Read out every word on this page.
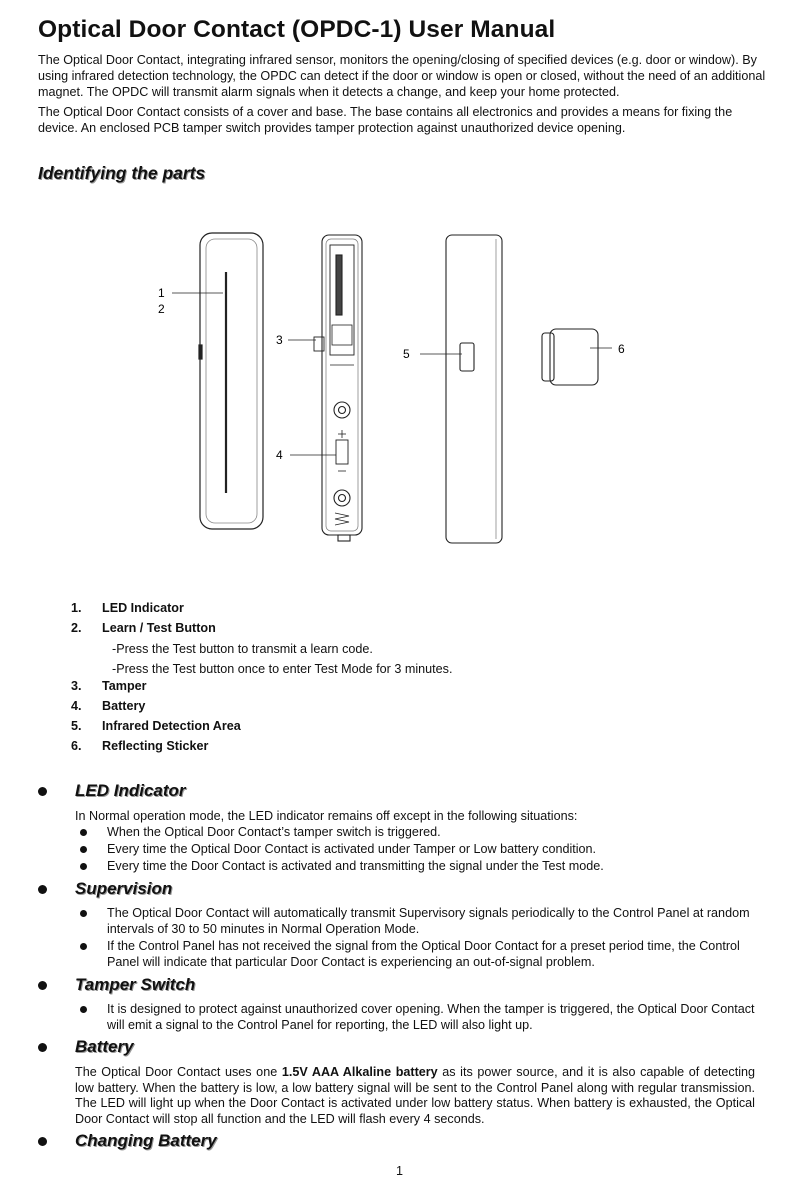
Optical Door Contact (OPDC-1) User Manual

The Optical Door Contact, integrating infrared sensor, monitors the opening/closing of specified devices (e.g. door or window). By using infrared detection technology, the OPDC can detect if the door or window is open or closed, without the need of an additional magnet. The OPDC will transmit alarm signals when it detects a change, and keep your home protected.

The Optical Door Contact consists of a cover and base. The base contains all electronics and provides a means for fixing the device. An enclosed PCB tamper switch provides tamper protection against unauthorized device opening.

Identifying the parts
1
2
3
4
5	6
1. LED Indicator
2. Learn / Test Button
-Press the Test button to transmit a learn code.
-Press the Test button once to enter Test Mode for 3 minutes.
3. Tamper
4. Battery
5. Infrared Detection Area
6. Reflecting Sticker
LED Indicator
In Normal operation mode, the LED indicator remains off except in the following situations:
When the Optical Door Contact’s tamper switch is triggered.
Every time the Optical Door Contact is activated under Tamper or Low battery condition.
Every time the Door Contact is activated and transmitting the signal under the Test mode.
Supervision
The Optical Door Contact will automatically transmit Supervisory signals periodically to the Control Panel at random intervals of 30 to 50 minutes in Normal Operation Mode.
If the Control Panel has not received the signal from the Optical Door Contact for a preset period time, the Control Panel will indicate that particular Door Contact is experiencing an out-of-signal problem.
Tamper Switch
It is designed to protect against unauthorized cover opening. When the tamper is triggered, the Optical Door Contact will emit a signal to the Control Panel for reporting, the LED will also light up.
Battery
The Optical Door Contact uses one 1.5V AAA Alkaline battery as its power source, and it is also capable of detecting low battery. When the battery is low, a low battery signal will be sent to the Control Panel along with regular transmission. The LED will light up when the Door Contact is activated under low battery status. When battery is exhausted, the Optical Door Contact will stop all function and the LED will flash every 4 seconds.
Changing Battery
1
